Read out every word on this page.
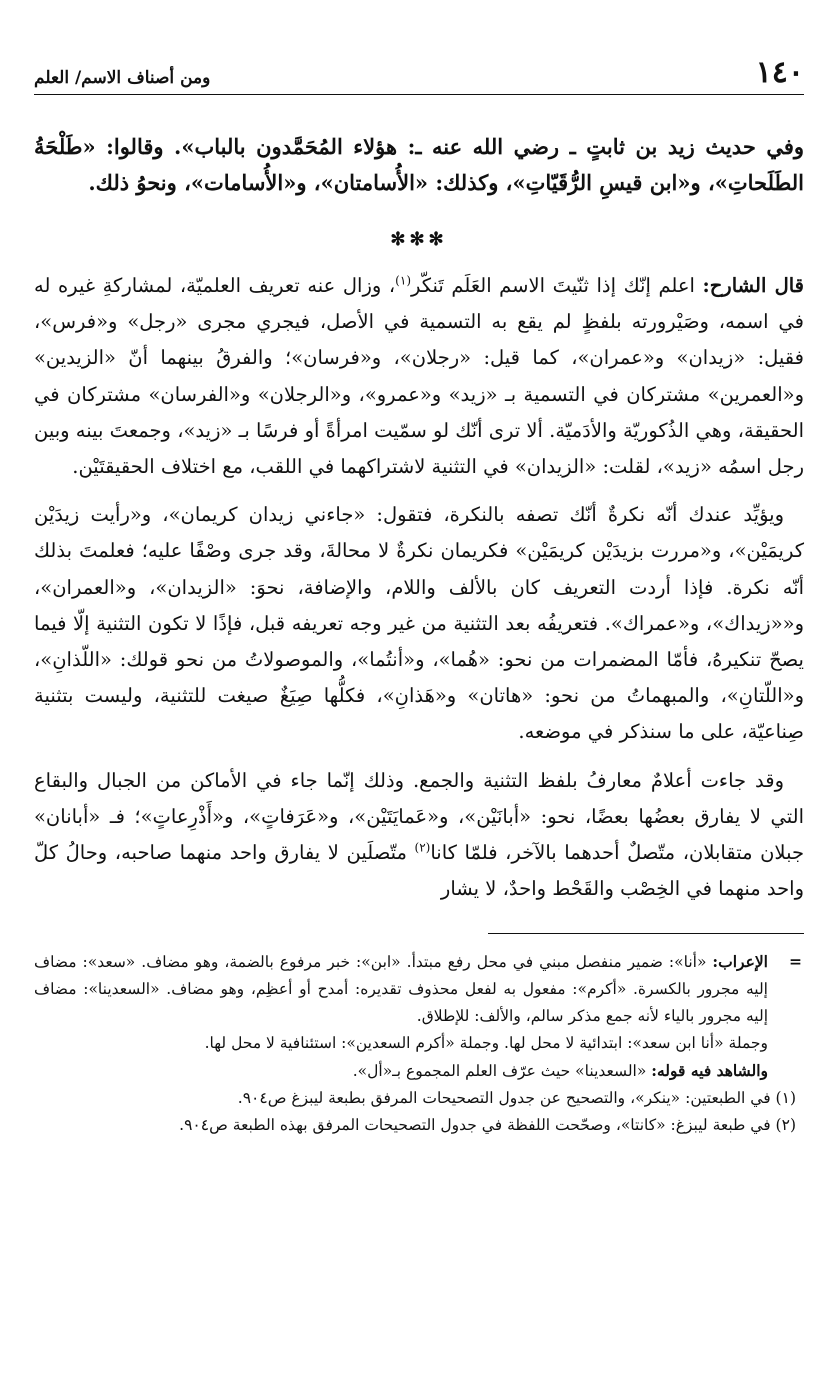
١٤٠
ومن أصناف الاسم/ العلم

وفي حديث زيد بن ثابتٍ ـ رضي الله عنه ـ: هؤلاء المُحَمَّدون بالباب». وقالوا: «طَلْحَةُ الطَلَحاتِ»، و«ابن قيسِ الرُّقَيّاتِ»، وكذلك: «الأُسامتان»، و«الأُسامات»، ونحوُ ذلك.

✻✻✻

قال الشارح: اعلم إنّك إذا ثنّيتَ الاسم العَلَم تَنكّر$^{(١)}$، وزال عنه تعريف العلميّة، لمشاركةِ غيره له في اسمه، وصَيْرورته بلفظٍ لم يقع به التسمية في الأصل، فيجري مجرى «رجل» و«فرس»، فقيل: «زيدان» و«عمران»، كما قيل: «رجلان»، و«فرسان»؛ والفرقُ بينهما أنّ «الزيدين» و«العمرين» مشتركان في التسمية بـ «زيد» و«عمرو»، و«الرجلان» و«الفرسان» مشتركان في الحقيقة، وهي الذُكوريّة والأدَميّة. ألا ترى أنّك لو سمّيت امرأةً أو فرسًا بـ «زيد»، وجمعتَ بينه وبين رجل اسمُه «زيد»، لقلت: «الزيدان» في التثنية لاشتراكهما في اللقب، مع اختلاف الحقيقتَيْن.

ويؤيِّد عندك أنّه نكرةٌ أنّك تصفه بالنكرة، فتقول: «جاءني زيدان كريمان»، و«رأيت زيدَيْن كريمَيْن»، و«مررت بزيدَيْن كريمَيْن» فكريمان نكرةٌ لا محالةَ، وقد جرى وصْفًا عليه؛ فعلمتَ بذلك أنّه نكرة. فإذا أردت التعريف كان بالألف واللام، والإضافة، نحوَ: «الزيدان»، و«العمران»، و««زيداك»، و«عمراك». فتعريفُه بعد التثنية من غير وجه تعريفه قبل، فإذًا لا تكون التثنية إلّا فيما يصحّ تنكيرهُ، فأمّا المضمرات من نحو: «هُما»، و«أنتُما»، والموصولاتُ من نحو قولك: «اللّذانِ»، و«اللّتانِ»، والمبهماتُ من نحو: «هاتان» و«هَذانِ»، فكلُّها صِيَغٌ صيغت للتثنية، وليست بتثنية صِناعيّة، على ما سنذكر في موضعه.

وقد جاءت أعلامٌ معارفُ بلفظ التثنية والجمع. وذلك إنّما جاء في الأماكن من الجبال والبقاع التي لا يفارق بعضُها بعضًا، نحو: «أبانَيْن»، و«عَمايَتَيْن»، و«عَرَفاتٍ»، و«أَذْرِعاتٍ»؛ فـ «أبانان» جبلان متقابلان، متّصلٌ أحدهما بالآخر، فلمّا كانا$^{(٢)}$ متّصلَين لا يفارق واحد منهما صاحبه، وحالُ كلّ واحد منهما في الخِصْب والقَحْط واحدٌ، لا يشار

=
الإعراب: «أنا»: ضمير منفصل مبني في محل رفع مبتدأ. «ابن»: خبر مرفوع بالضمة، وهو مضاف. «سعد»: مضاف إليه مجرور بالكسرة. «أكرم»: مفعول به لفعل محذوف تقديره: أمدح أو أعظِم، وهو مضاف. «السعدينا»: مضاف إليه مجرور بالياء لأنه جمع مذكر سالم، والألف: للإطلاق.

وجملة «أنا ابن سعد»: ابتدائية لا محل لها. وجملة «أكرم السعدين»: استئنافية لا محل لها.

والشاهد فيه قوله: «السعدينا» حيث عرّف العلم المجموع بـ«أل».

(١) في الطبعتين: «ينكر»، والتصحيح عن جدول التصحيحات المرفق بطبعة ليبزغ ص٩٠٤.

(٢) في طبعة ليبزغ: «كانتا»، وصحّحت اللفظة في جدول التصحيحات المرفق بهذه الطبعة ص٩٠٤.
